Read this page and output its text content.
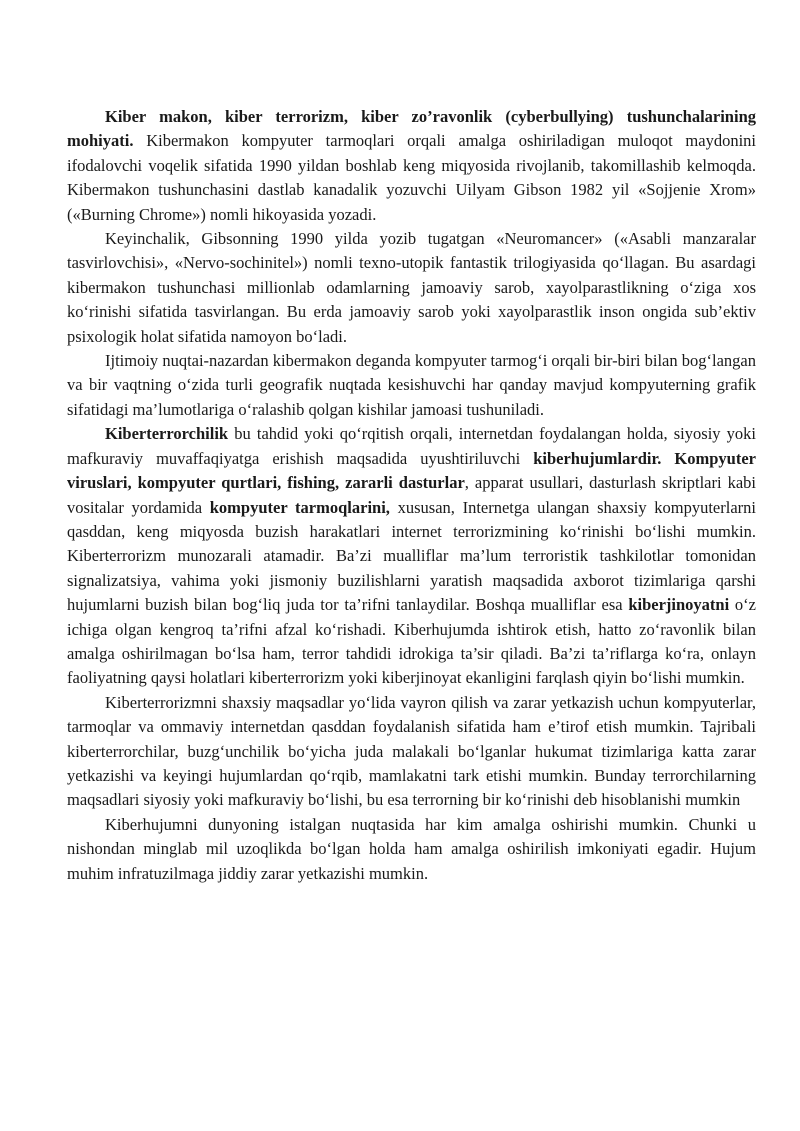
Kiber makon, kiber terrorizm, kiber zo’ravonlik (cyberbullying) tushunchalarining mohiyati. Kibermakon kompyuter tarmoqlari orqali amalga oshiriladigan muloqot maydonini ifodalovchi voqelik sifatida 1990 yildan boshlab keng miqyosida rivojlanib, takomillashib kelmoqda. Kibermakon tushunchasini dastlab kanadalik yozuvchi Uilyam Gibson 1982 yil «Sojjenie Xrom» («Burning Chrome») nomli hikoyasida yozadi.

Keyinchalik, Gibsonning 1990 yilda yozib tugatgan «Neuromancer» («Asabli manzaralar tasvirlovchisi», «Nervo-sochinitel») nomli texno-utopik fantastik trilogiyasida qo‘llagan. Bu asardagi kibermakon tushunchasi millionlab odamlarning jamoaviy sarob, xayolparastlikning o‘ziga xos ko‘rinishi sifatida tasvirlangan. Bu erda jamoaviy sarob yoki xayolparastlik inson ongida sub’ektiv psixologik holat sifatida namoyon bo‘ladi.

Ijtimoiy nuqtai-nazardan kibermakon deganda kompyuter tarmog‘i orqali bir-biri bilan bog‘langan va bir vaqtning o‘zida turli geografik nuqtada kesishuvchi har qanday mavjud kompyuterning grafik sifatidagi ma’lumotlariga o‘ralashib qolgan kishilar jamoasi tushuniladi.

Kiberterrorchilik bu tahdid yoki qo‘rqitish orqali, internetdan foydalangan holda, siyosiy yoki mafkuraviy muvaffaqiyatga erishish maqsadida uyushtiriluvchi kiberhujumlardir. Kompyuter viruslari, kompyuter qurtlari, fishing, zararli dasturlar, apparat usullari, dasturlash skriptlari kabi vositalar yordamida kompyuter tarmoqlarini, xususan, Internetga ulangan shaxsiy kompyuterlarni qasddan, keng miqyosda buzish harakatlari internet terrorizmining ko‘rinishi bo‘lishi mumkin. Kiberterrorizm munozarali atamadir. Ba’zi mualliflar ma’lum terroristik tashkilotlar tomonidan signalizatsiya, vahima yoki jismoniy buzilishlarni yaratish maqsadida axborot tizimlariga qarshi hujumlarni buzish bilan bog‘liq juda tor ta’rifni tanlaydilar. Boshqa mualliflar esa kiberjinoyatni o‘z ichiga olgan kengroq ta’rifni afzal ko‘rishadi. Kiberhujumda ishtirok etish, hatto zo‘ravonlik bilan amalga oshirilmagan bo‘lsa ham, terror tahdidi idrokiga ta’sir qiladi. Ba’zi ta’riflarga ko‘ra, onlayn faoliyatning qaysi holatlari kiberterrorizm yoki kiberjinoyat ekanligini farqlash qiyin bo‘lishi mumkin.

Kiberterrorizmni shaxsiy maqsadlar yo‘lida vayron qilish va zarar yetkazish uchun kompyuterlar, tarmoqlar va ommaviy internetdan qasddan foydalanish sifatida ham e’tirof etish mumkin. Tajribali kiberterrorchilar, buzg‘unchilik bo‘yicha juda malakali bo‘lganlar hukumat tizimlariga katta zarar yetkazishi va keyingi hujumlardan qo‘rqib, mamlakatni tark etishi mumkin. Bunday terrorchilarning maqsadlari siyosiy yoki mafkuraviy bo‘lishi, bu esa terrorning bir ko‘rinishi deb hisoblanishi mumkin

Kiberhujumni dunyoning istalgan nuqtasida har kim amalga oshirishi mumkin. Chunki u nishondan minglab mil uzoqlikda bo‘lgan holda ham amalga oshirilish imkoniyati egadir. Hujum muhim infratuzilmaga jiddiy zarar yetkazishi mumkin.
